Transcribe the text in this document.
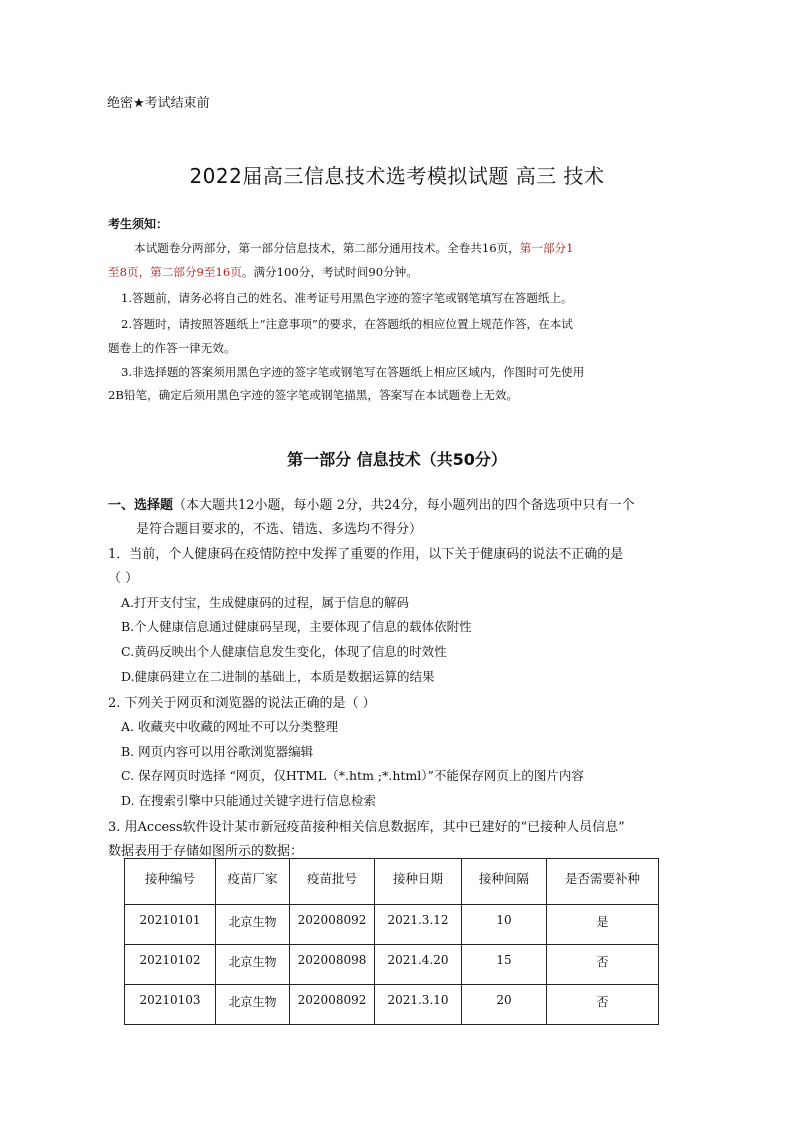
绝密★考试结束前
2022届高三信息技术选考模拟试题 高三 技术
考生须知：
本试题卷分两部分，第一部分信息技术，第二部分通用技术。全卷共16页，第一部分1
至8页，第二部分9至16页。满分100分，考试时间90分钟。
1.答题前，请务必将自己的姓名、准考证号用黑色字迹的签字笔或钢笔填写在答题纸上。
2.答题时，请按照答题纸上“注意事项”的要求，在答题纸的相应位置上规范作答，在本试
题卷上的作答一律无效。
3.非选择题的答案须用黑色字迹的签字笔或钢笔写在答题纸上相应区域内，作图时可先使用
2B铅笔，确定后须用黑色字迹的签字笔或钢笔描黑，答案写在本试题卷上无效。
第一部分 信息技术（共50分）
一、选择题（本大题共12小题，每小题 2分，共24分，每小题列出的四个备选项中只有一个
是符合题目要求的，不选、错选、多选均不得分）
1．当前，个人健康码在疫情防控中发挥了重要的作用，以下关于健康码的说法不正确的是
（ ）
A.打开支付宝，生成健康码的过程，属于信息的解码
B.个人健康信息通过健康码呈现，主要体现了信息的载体依附性
C.黄码反映出个人健康信息发生变化，体现了信息的时效性
D.健康码建立在二进制的基础上，本质是数据运算的结果
2. 下列关于网页和浏览器的说法正确的是（ ）
A. 收藏夹中收藏的网址不可以分类整理
B. 网页内容可以用谷歌浏览器编辑
C. 保存网页时选择 “网页，仅HTML（*.htm ;*.html）”不能保存网页上的图片内容
D. 在搜索引擎中只能通过关键字进行信息检索
3. 用Access软件设计某市新冠疫苗接种相关信息数据库，其中已建好的“已接种人员信息”
数据表用于存储如图所示的数据：
接种编号	疫苗厂家	疫苗批号	接种日期	接种间隔	是否需要补种
20210101	北京生物	202008092	2021.3.12	10	是
20210102	北京生物	202008098	2021.4.20	15	否
20210103	北京生物	202008092	2021.3.10	20	否
